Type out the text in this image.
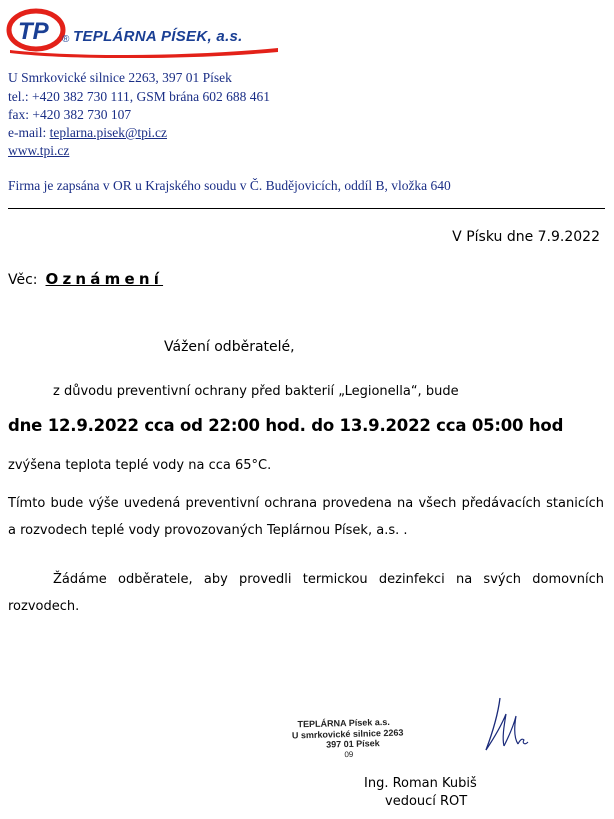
TP ® TEPLÁRNA PÍSEK, a.s.
U Smrkovické silnice 2263, 397 01 Písek
tel.: +420 382 730 111, GSM brána 602 688 461
fax: +420 382 730 107
e-mail: teplarna.pisek@tpi.cz
www.tpi.cz
Firma je zapsána v OR u Krajského soudu v Č. Budějovicích, oddíl B, vložka 640
V Písku dne 7.9.2022
Věc: Oznámení
Vážení odběratelé,
z důvodu preventivní ochrany před bakterií „Legionella“, bude
dne 12.9.2022 cca od 22:00 hod. do 13.9.2022 cca 05:00 hod
zvýšena teplota teplé vody na cca 65°C.
Tímto bude výše uvedená preventivní ochrana provedena na všech předávacích stanicích a rozvodech teplé vody provozovaných Teplárnou Písek, a.s. .
Žádáme odběratele, aby provedli termickou dezinfekci na svých domovních rozvodech.
TEPLÁRNA Písek a.s.
U smrkovické silnice 2263
397 01 Písek
09
Ing. Roman Kubiš
vedoucí ROT
